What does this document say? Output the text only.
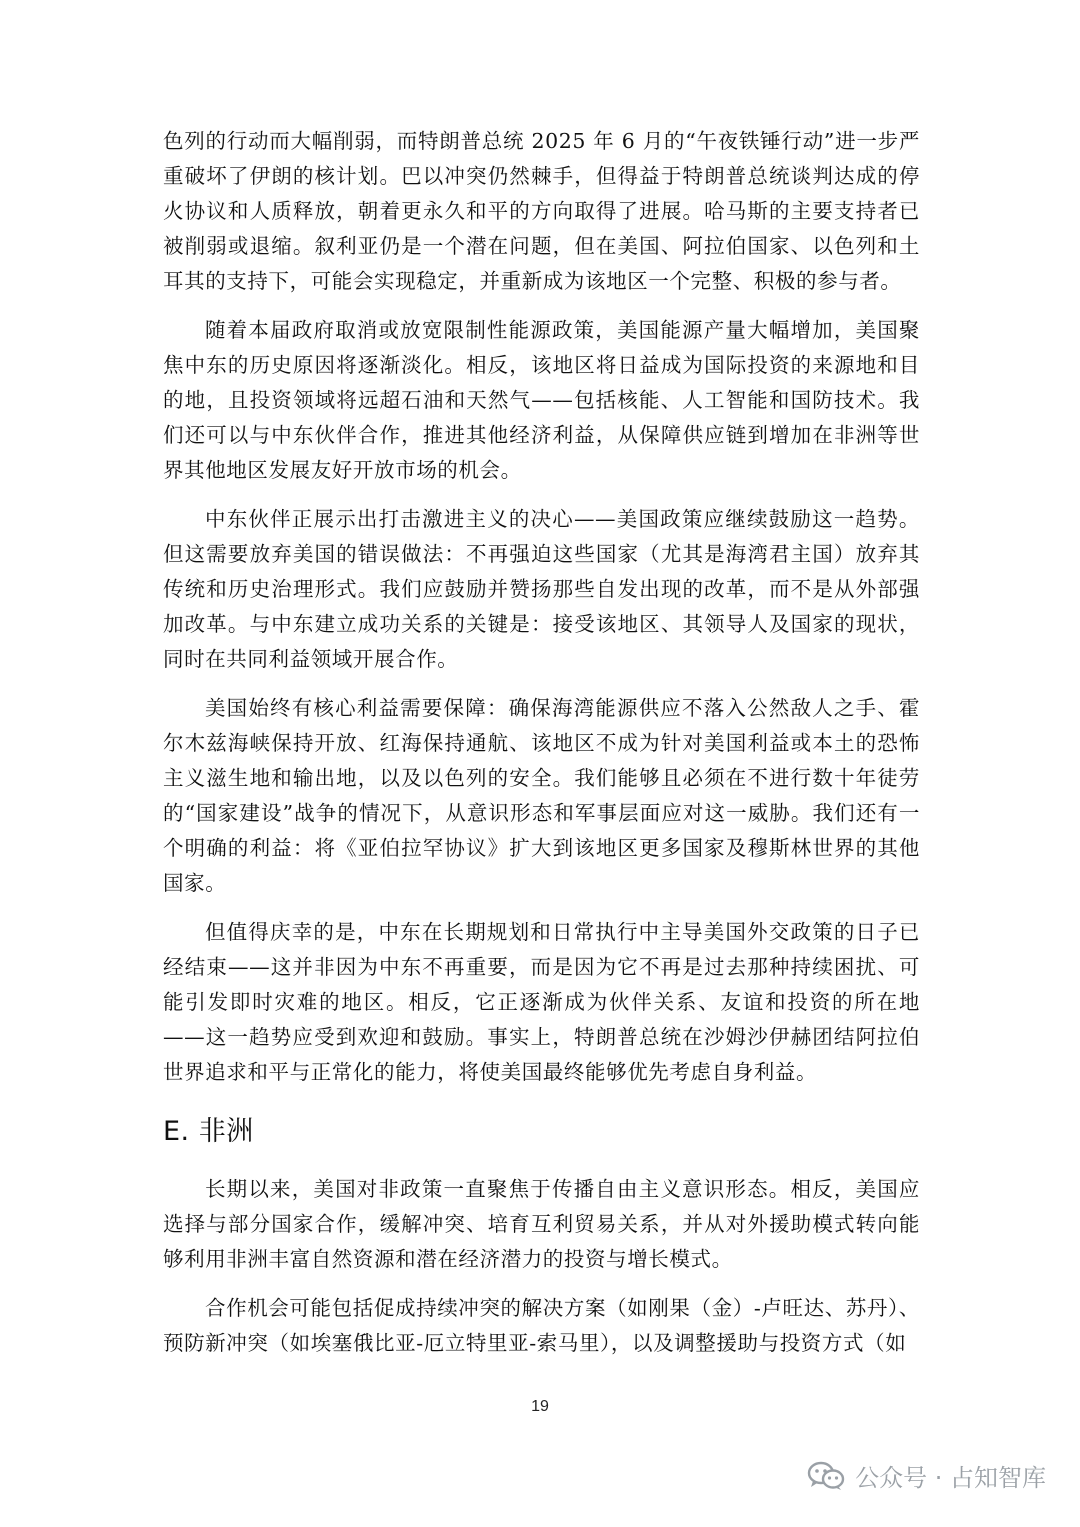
色列的行动而大幅削弱，而特朗普总统 2025 年 6 月的“午夜铁锤行动”进一步严重破坏了伊朗的核计划。巴以冲突仍然棘手，但得益于特朗普总统谈判达成的停火协议和人质释放，朝着更永久和平的方向取得了进展。哈马斯的主要支持者已被削弱或退缩。叙利亚仍是一个潜在问题，但在美国、阿拉伯国家、以色列和土耳其的支持下，可能会实现稳定，并重新成为该地区一个完整、积极的参与者。

随着本届政府取消或放宽限制性能源政策，美国能源产量大幅增加，美国聚焦中东的历史原因将逐渐淡化。相反，该地区将日益成为国际投资的来源地和目的地，且投资领域将远超石油和天然气——包括核能、人工智能和国防技术。我们还可以与中东伙伴合作，推进其他经济利益，从保障供应链到增加在非洲等世界其他地区发展友好开放市场的机会。

中东伙伴正展示出打击激进主义的决心——美国政策应继续鼓励这一趋势。但这需要放弃美国的错误做法：不再强迫这些国家（尤其是海湾君主国）放弃其传统和历史治理形式。我们应鼓励并赞扬那些自发出现的改革，而不是从外部强加改革。与中东建立成功关系的关键是：接受该地区、其领导人及国家的现状，同时在共同利益领域开展合作。

美国始终有核心利益需要保障：确保海湾能源供应不落入公然敌人之手、霍尔木兹海峡保持开放、红海保持通航、该地区不成为针对美国利益或本土的恐怖主义滋生地和输出地，以及以色列的安全。我们能够且必须在不进行数十年徒劳的“国家建设”战争的情况下，从意识形态和军事层面应对这一威胁。我们还有一个明确的利益：将《亚伯拉罕协议》扩大到该地区更多国家及穆斯林世界的其他国家。

但值得庆幸的是，中东在长期规划和日常执行中主导美国外交政策的日子已经结束——这并非因为中东不再重要，而是因为它不再是过去那种持续困扰、可能引发即时灾难的地区。相反，它正逐渐成为伙伴关系、友谊和投资的所在地——这一趋势应受到欢迎和鼓励。事实上，特朗普总统在沙姆沙伊赫团结阿拉伯世界追求和平与正常化的能力，将使美国最终能够优先考虑自身利益。

E. 非洲

长期以来，美国对非政策一直聚焦于传播自由主义意识形态。相反，美国应选择与部分国家合作，缓解冲突、培育互利贸易关系，并从对外援助模式转向能够利用非洲丰富自然资源和潜在经济潜力的投资与增长模式。

合作机会可能包括促成持续冲突的解决方案（如刚果（金）-卢旺达、苏丹）、预防新冲突（如埃塞俄比亚-厄立特里亚-索马里），以及调整援助与投资方式（如

19
公众号 · 占知智库
